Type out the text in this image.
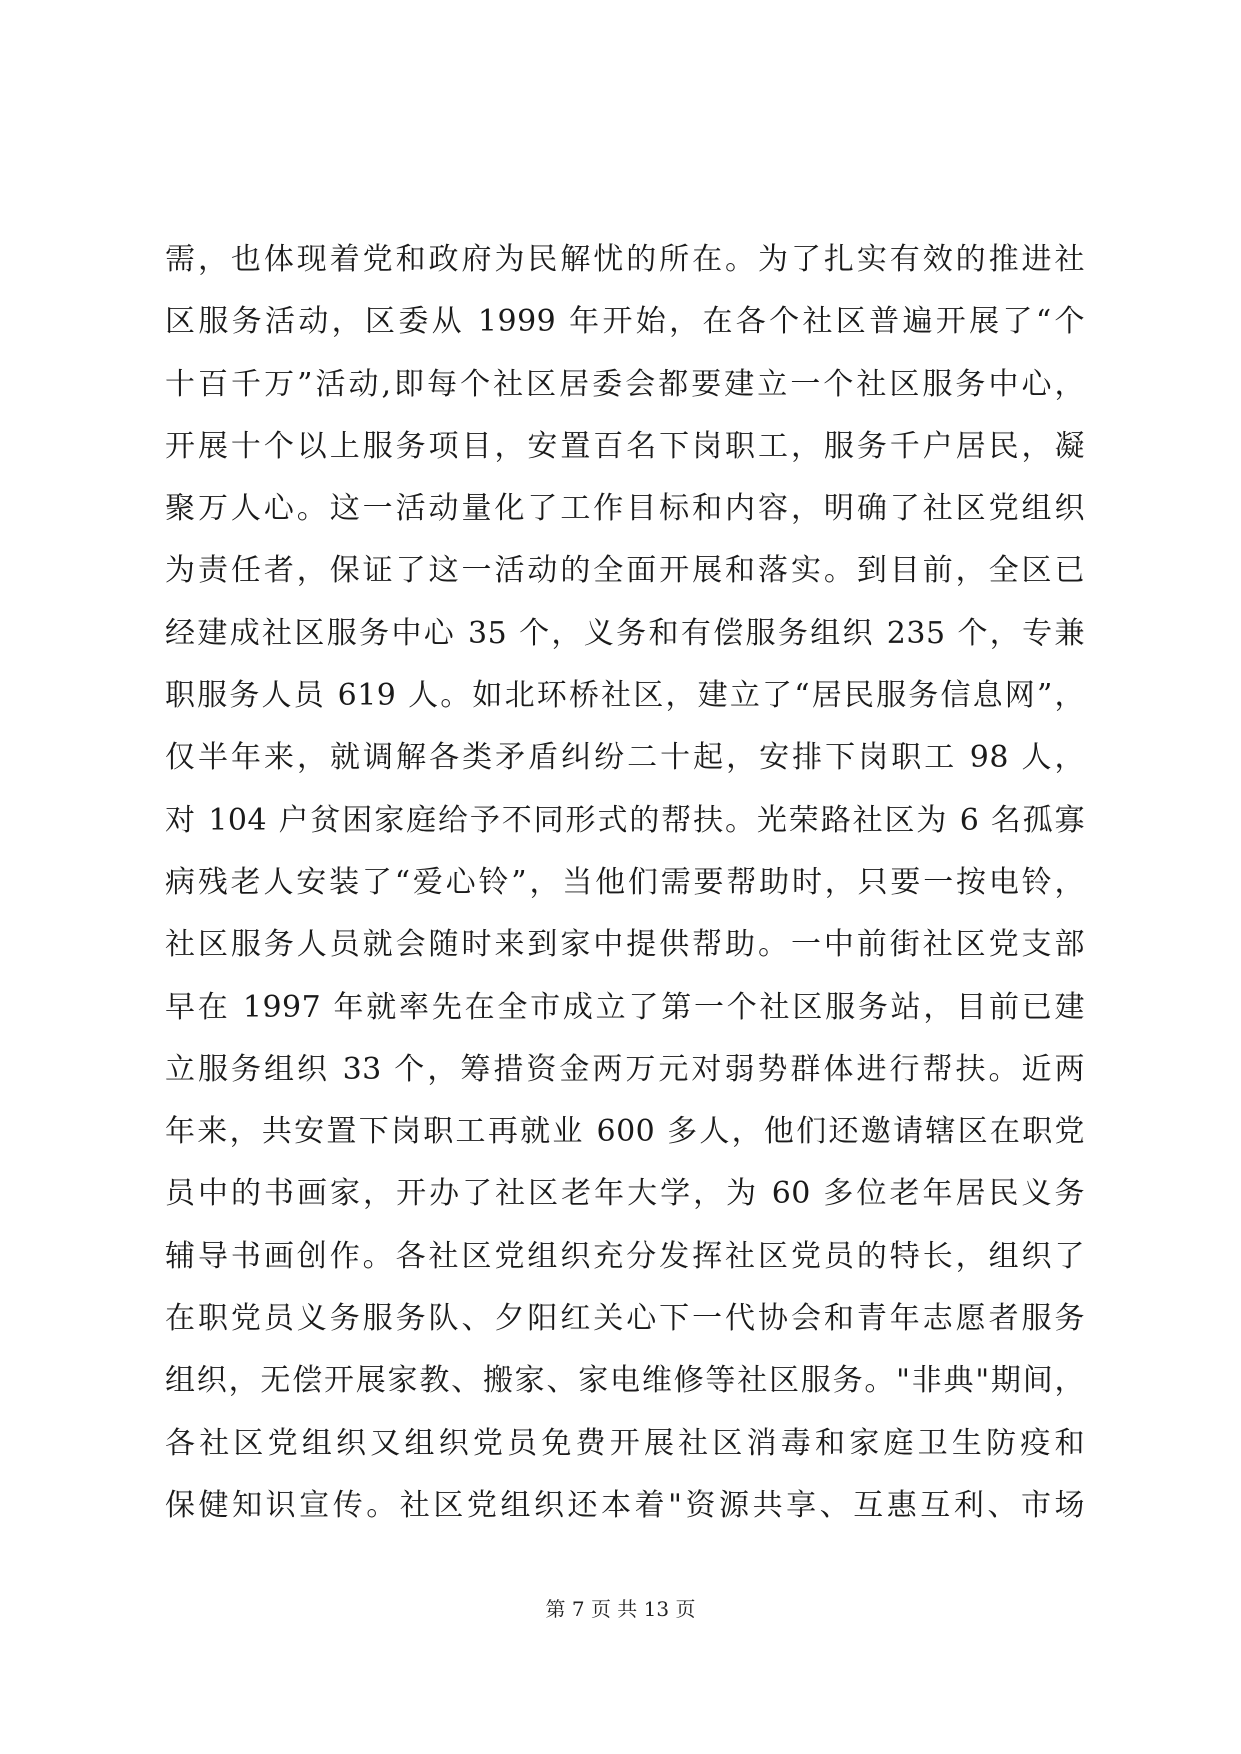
需，也体现着党和政府为民解忧的所在。为了扎实有效的推进社
区服务活动，区委从 1999 年开始，在各个社区普遍开展了“个
十百千万”活动,即每个社区居委会都要建立一个社区服务中心，
开展十个以上服务项目，安置百名下岗职工，服务千户居民，凝
聚万人心。这一活动量化了工作目标和内容，明确了社区党组织
为责任者，保证了这一活动的全面开展和落实。到目前，全区已
经建成社区服务中心 35 个，义务和有偿服务组织 235 个，专兼
职服务人员 619 人。如北环桥社区，建立了“居民服务信息网”，
仅半年来，就调解各类矛盾纠纷二十起，安排下岗职工 98 人，
对 104 户贫困家庭给予不同形式的帮扶。光荣路社区为 6 名孤寡
病残老人安装了“爱心铃”，当他们需要帮助时，只要一按电铃，
社区服务人员就会随时来到家中提供帮助。一中前街社区党支部
早在 1997 年就率先在全市成立了第一个社区服务站，目前已建
立服务组织 33 个，筹措资金两万元对弱势群体进行帮扶。近两
年来，共安置下岗职工再就业 600 多人，他们还邀请辖区在职党
员中的书画家，开办了社区老年大学，为 60 多位老年居民义务
辅导书画创作。各社区党组织充分发挥社区党员的特长，组织了
在职党员义务服务队、夕阳红关心下一代协会和青年志愿者服务
组织，无偿开展家教、搬家、家电维修等社区服务。"非典"期间，
各社区党组织又组织党员免费开展社区消毒和家庭卫生防疫和
保健知识宣传。社区党组织还本着"资源共享、互惠互利、市场
第 7 页 共 13 页
